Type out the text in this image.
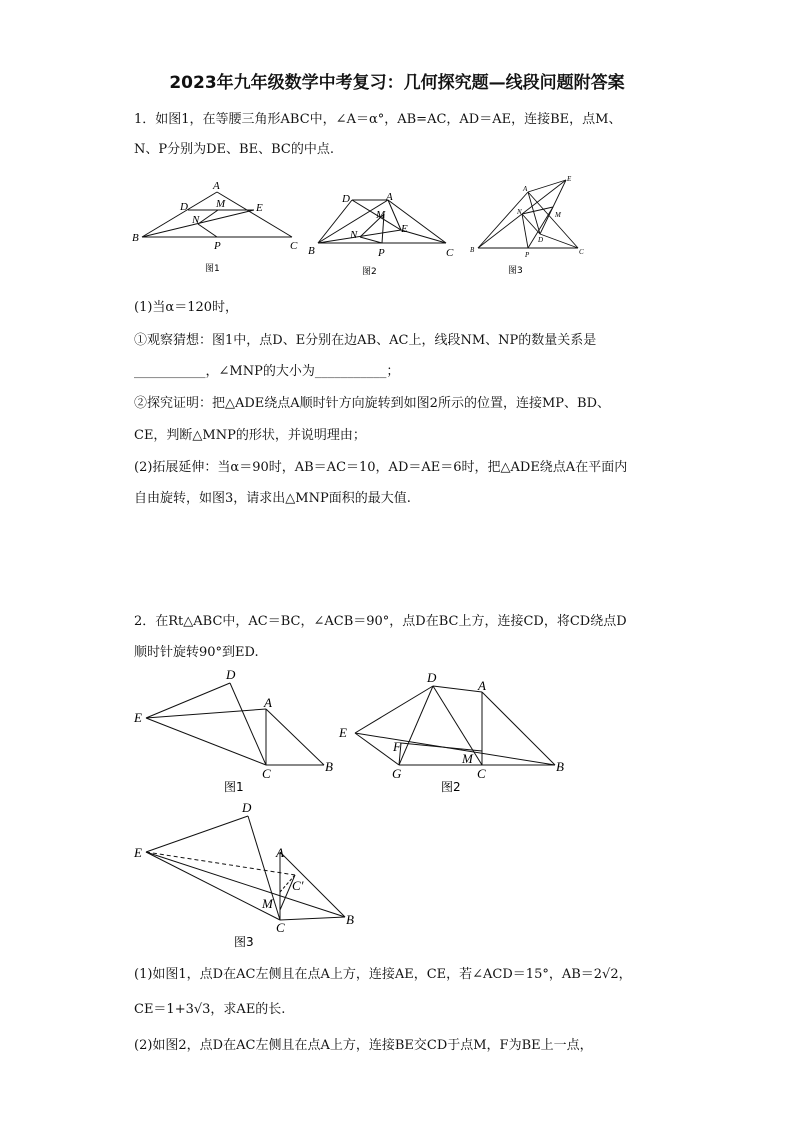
2023年九年级数学中考复习：几何探究题—线段问题附答案
1．如图1，在等腰三角形ABC中，∠A＝α°，AB=AC，AD＝AE，连接BE，点M、
N、P分别为DE、BE、BC的中点.
A
B
C
D	E
M
N
P
图1
A
B	C
D
E
M
N
P
图2
A
B	C
D
E
M
N
P
图3
(1)当α＝120时，
①观察猜想：图1中，点D、E分别在边AB、AC上，线段NM、NP的数量关系是
___________，∠MNP的大小为___________；
②探究证明：把△ADE绕点A顺时针方向旋转到如图2所示的位置，连接MP、BD、
CE，判断△MNP的形状，并说明理由；
(2)拓展延伸：当α＝90时，AB＝AC＝10，AD＝AE＝6时，把△ADE绕点A在平面内
自由旋转，如图3，请求出△MNP面积的最大值.
2．在Rt△ABC中，AC＝BC，∠ACB＝90°，点D在BC上方，连接CD，将CD绕点D
顺时针旋转90°到ED.
D
E
A
C	B
图1
D
A
E
F
M
G	C	B
图2
D
E	A
C′
M
C
B
图3
(1)如图1，点D在AC左侧且在点A上方，连接AE，CE，若∠ACD＝15°，AB＝2√2，
CE＝1+3√3，求AE的长.
(2)如图2，点D在AC左侧且在点A上方，连接BE交CD于点M，F为BE上一点，
